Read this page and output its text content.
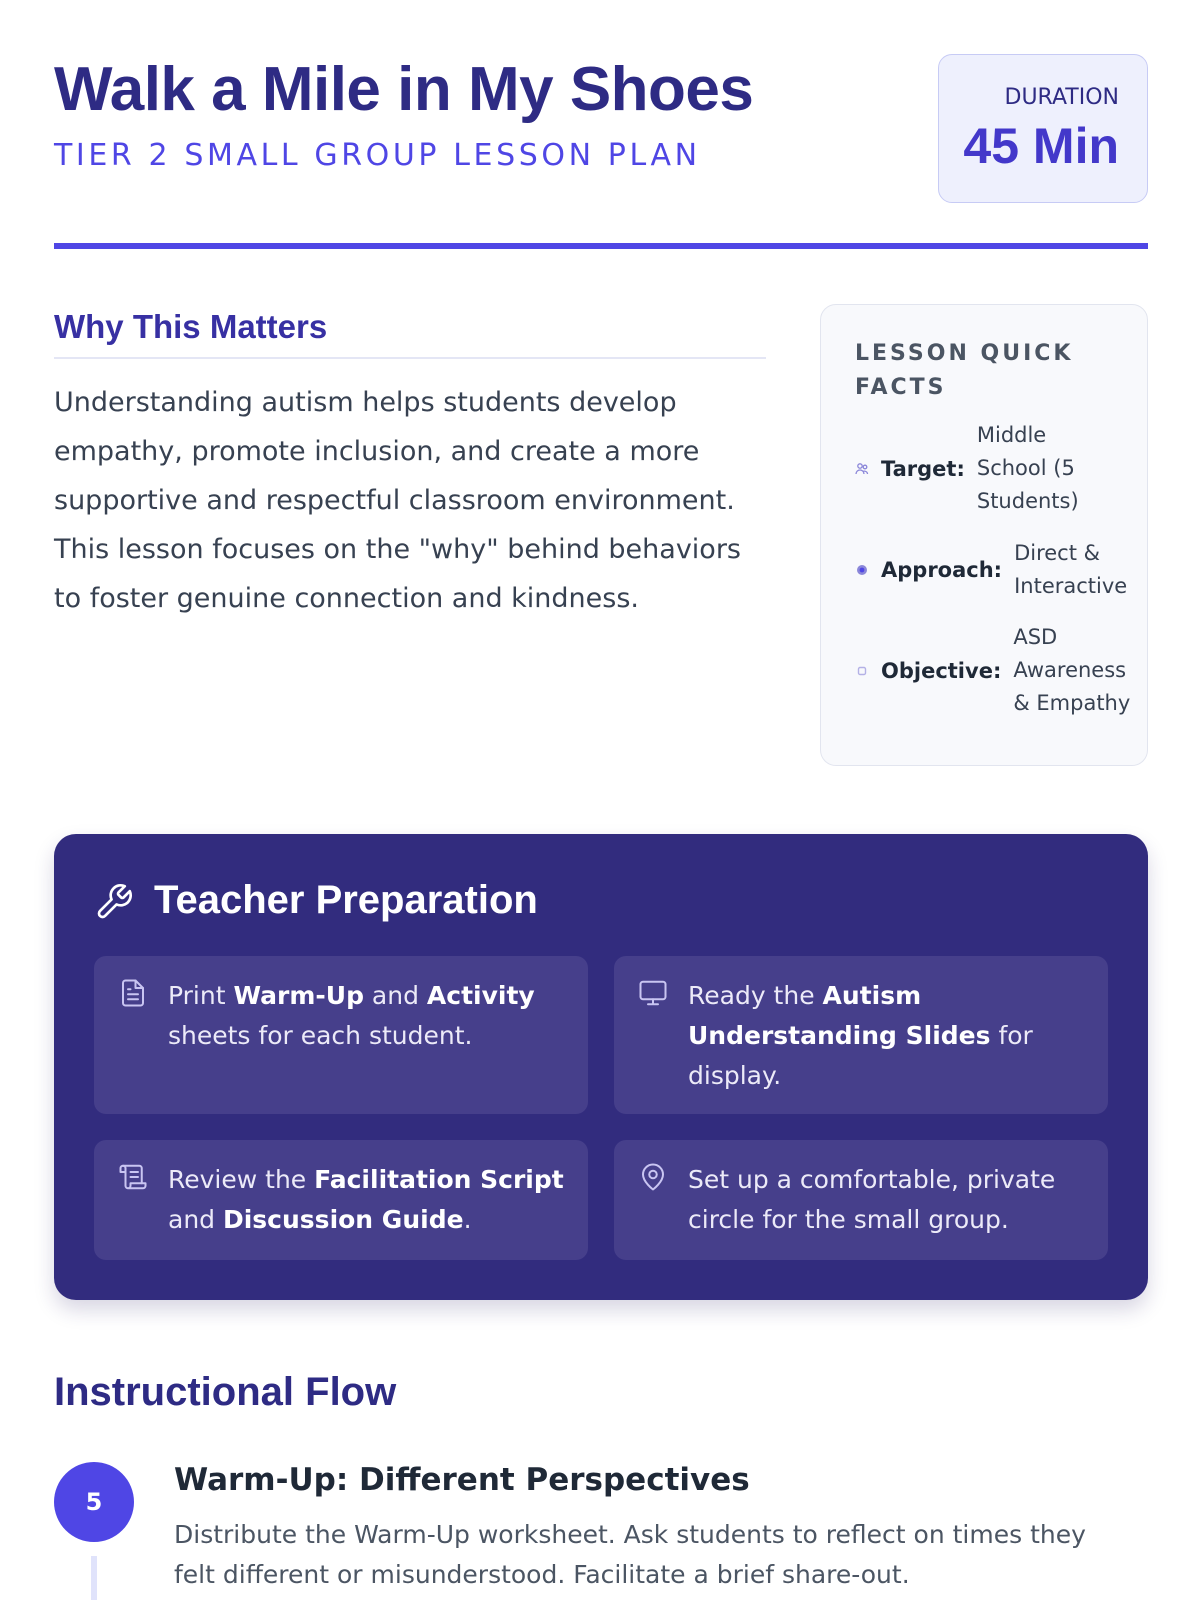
Walk a Mile in My Shoes
TIER 2 SMALL GROUP LESSON PLAN
DURATION
45 Min
Why This Matters

Understanding autism helps students develop empathy, promote inclusion, and create a more supportive and respectful classroom environment. This lesson focuses on the "why" behind behaviors to foster genuine connection and kindness.

LESSON QUICK FACTS
Target:
Middle School (5 Students)
Approach:
Direct & Interactive
Objective:
ASD Awareness & Empathy
Teacher Preparation
Print Warm-Up and Activity sheets for each student.
Ready the Autism Understanding Slides for display.
Review the Facilitation Script and Discussion Guide.
Set up a comfortable, private circle for the small group.
Instructional Flow
5
Warm-Up: Different Perspectives

Distribute the Warm-Up worksheet. Ask students to reflect on times they felt different or misunderstood. Facilitate a brief share-out.
